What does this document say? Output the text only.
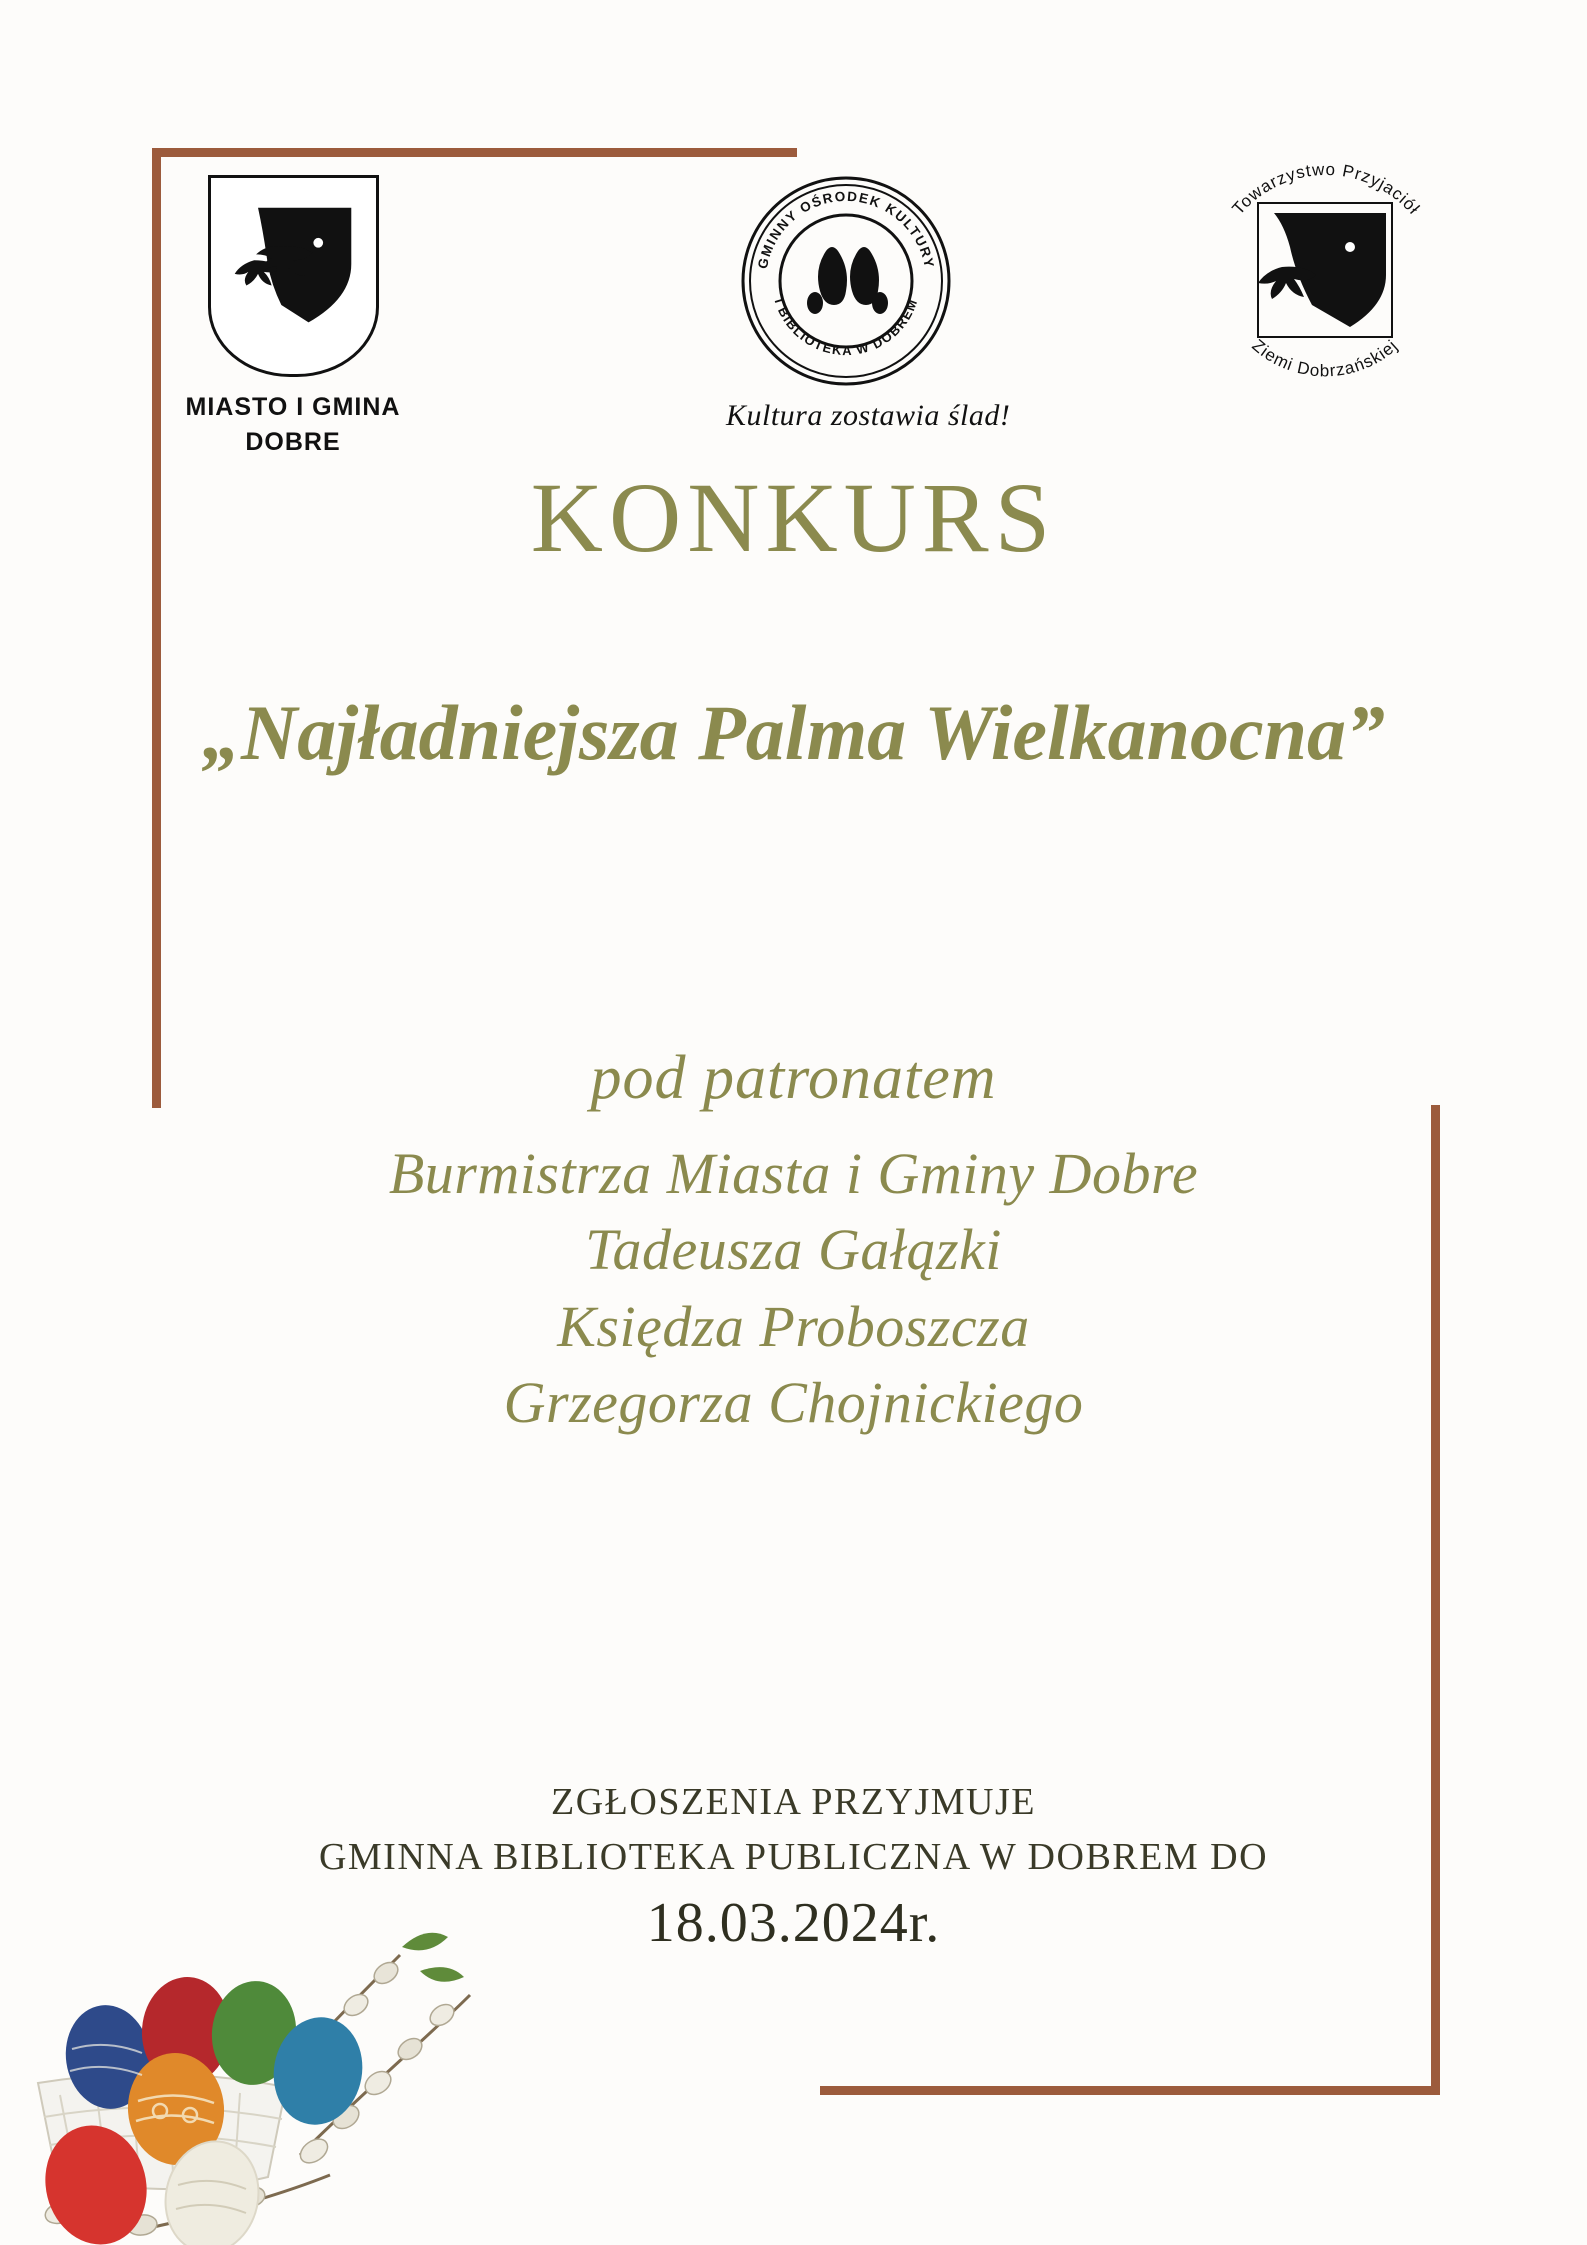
MIASTO I GMINA
DOBRE
GMINNY OŚRODEK KULTURY
I BIBLIOTEKA W DOBREM
Kultura zostawia ślad!
Towarzystwo Przyjaciół
Ziemi Dobrzańskiej
KONKURS
„Najładniejsza Palma Wielkanocna”
pod patronatem
Burmistrza Miasta i Gminy Dobre
Tadeusza Gałązki
Księdza Proboszcza
Grzegorza Chojnickiego
ZGŁOSZENIA PRZYJMUJE
GMINNA BIBLIOTEKA PUBLICZNA W DOBREM DO
18.03.2024r.
